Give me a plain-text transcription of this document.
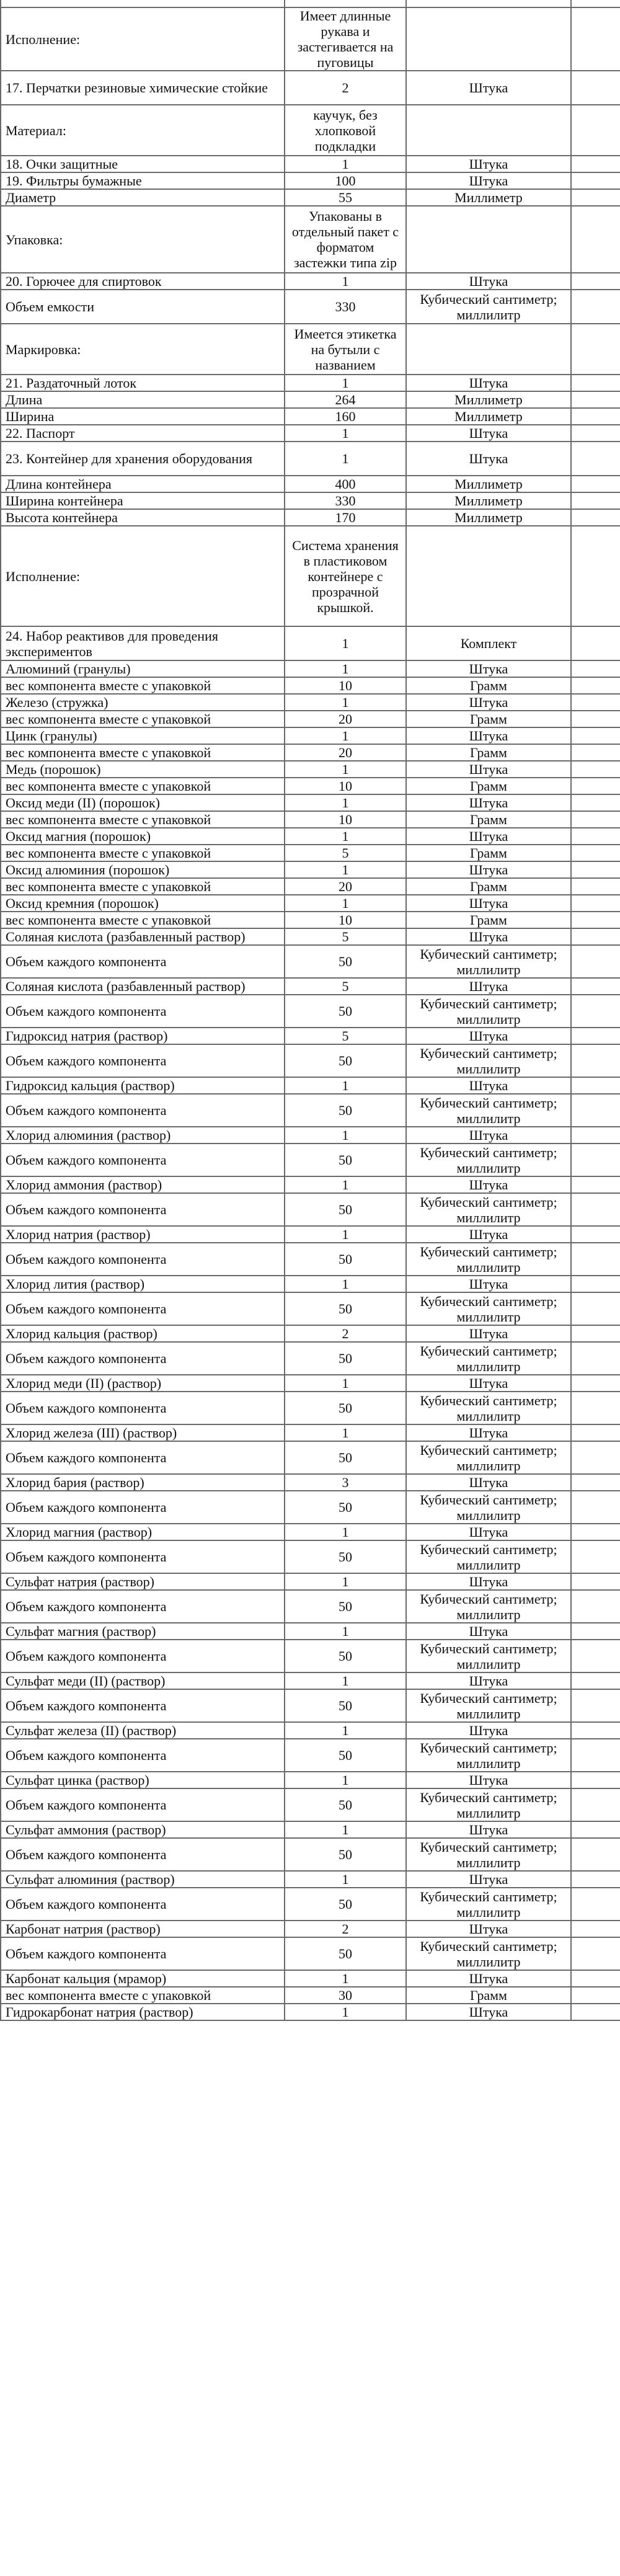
Исполнение:	Имеет длинные рукава и застегивается на пуговицы		
17. Перчатки резиновые химические стойкие	2	Штука	
Материал:	каучук, без хлопковой подкладки		
18. Очки защитные	1	Штука	
19. Фильтры бумажные	100	Штука	
Диаметр	55	Миллиметр	
Упаковка:	Упакованы в отдельный пакет с форматом застежки типа zip		
20. Горючее для спиртовок	1	Штука	
Объем емкости	330	Кубический сантиметр; миллилитр	
Маркировка:	Имеется этикетка на бутыли с названием		
21. Раздаточный лоток	1	Штука	
Длина	264	Миллиметр	
Ширина	160	Миллиметр	
22. Паспорт	1	Штука	
23. Контейнер для хранения оборудования	1	Штука	
Длина контейнера	400	Миллиметр	
Ширина контейнера	330	Миллиметр	
Высота контейнера	170	Миллиметр	
Исполнение:	Система хранения в пластиковом контейнере с прозрачной крышкой.		
24. Набор реактивов для проведения экспериментов	1	Комплект	
Алюминий (гранулы)	1	Штука	
вес компонента вместе с упаковкой	10	Грамм	
Железо (стружка)	1	Штука	
вес компонента вместе с упаковкой	20	Грамм	
Цинк (гранулы)	1	Штука	
вес компонента вместе с упаковкой	20	Грамм	
Медь (порошок)	1	Штука	
вес компонента вместе с упаковкой	10	Грамм	
Оксид меди (II) (порошок)	1	Штука	
вес компонента вместе с упаковкой	10	Грамм	
Оксид магния (порошок)	1	Штука	
вес компонента вместе с упаковкой	5	Грамм	
Оксид алюминия (порошок)	1	Штука	
вес компонента вместе с упаковкой	20	Грамм	
Оксид кремния (порошок)	1	Штука	
вес компонента вместе с упаковкой	10	Грамм	
Соляная кислота (разбавленный раствор)	5	Штука	
Объем каждого компонента	50	Кубический сантиметр; миллилитр	
Соляная кислота (разбавленный раствор)	5	Штука	
Объем каждого компонента	50	Кубический сантиметр; миллилитр	
Гидроксид натрия (раствор)	5	Штука	
Объем каждого компонента	50	Кубический сантиметр; миллилитр	
Гидроксид кальция (раствор)	1	Штука	
Объем каждого компонента	50	Кубический сантиметр; миллилитр	
Хлорид алюминия (раствор)	1	Штука	
Объем каждого компонента	50	Кубический сантиметр; миллилитр	
Хлорид аммония (раствор)	1	Штука	
Объем каждого компонента	50	Кубический сантиметр; миллилитр	
Хлорид натрия (раствор)	1	Штука	
Объем каждого компонента	50	Кубический сантиметр; миллилитр	
Хлорид лития (раствор)	1	Штука	
Объем каждого компонента	50	Кубический сантиметр; миллилитр	
Хлорид кальция (раствор)	2	Штука	
Объем каждого компонента	50	Кубический сантиметр; миллилитр	
Хлорид меди (II) (раствор)	1	Штука	
Объем каждого компонента	50	Кубический сантиметр; миллилитр	
Хлорид железа (III) (раствор)	1	Штука	
Объем каждого компонента	50	Кубический сантиметр; миллилитр	
Хлорид бария (раствор)	3	Штука	
Объем каждого компонента	50	Кубический сантиметр; миллилитр	
Хлорид магния (раствор)	1	Штука	
Объем каждого компонента	50	Кубический сантиметр; миллилитр	
Сульфат натрия (раствор)	1	Штука	
Объем каждого компонента	50	Кубический сантиметр; миллилитр	
Сульфат магния (раствор)	1	Штука	
Объем каждого компонента	50	Кубический сантиметр; миллилитр	
Сульфат меди (II) (раствор)	1	Штука	
Объем каждого компонента	50	Кубический сантиметр; миллилитр	
Сульфат железа (II) (раствор)	1	Штука	
Объем каждого компонента	50	Кубический сантиметр; миллилитр	
Сульфат цинка (раствор)	1	Штука	
Объем каждого компонента	50	Кубический сантиметр; миллилитр	
Сульфат аммония (раствор)	1	Штука	
Объем каждого компонента	50	Кубический сантиметр; миллилитр	
Сульфат алюминия (раствор)	1	Штука	
Объем каждого компонента	50	Кубический сантиметр; миллилитр	
Карбонат натрия (раствор)	2	Штука	
Объем каждого компонента	50	Кубический сантиметр; миллилитр	
Карбонат кальция (мрамор)	1	Штука	
вес компонента вместе с упаковкой	30	Грамм	
Гидрокарбонат натрия (раствор)	1	Штука	
